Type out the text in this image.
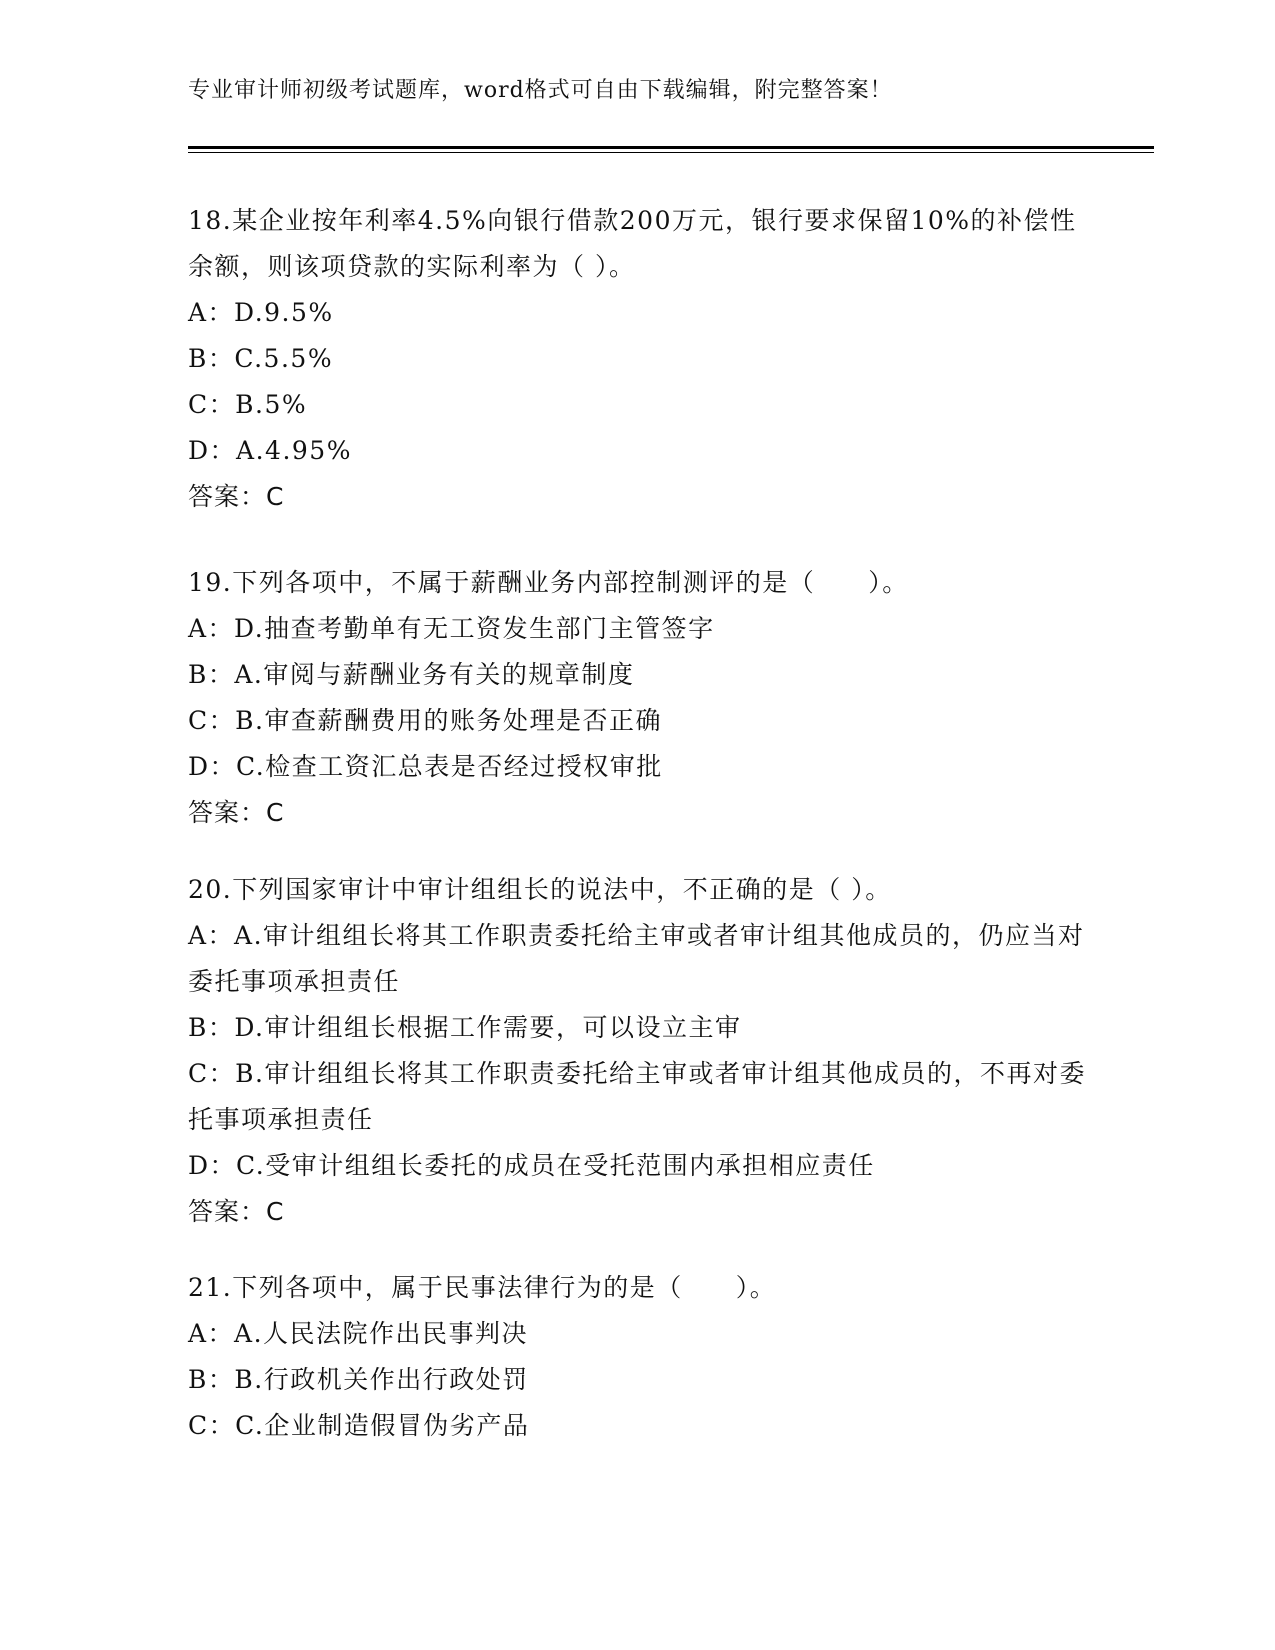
专业审计师初级考试题库，word格式可自由下载编辑，附完整答案！
18.某企业按年利率4.5%向银行借款200万元，银行要求保留10%的补偿性余额，则该项贷款的实际利率为（ ）。
A：D.9.5%
B：C.5.5%
C：B.5%
D：A.4.95%
答案：C
19.下列各项中，不属于薪酬业务内部控制测评的是（　　）。
A：D.抽查考勤单有无工资发生部门主管签字
B：A.审阅与薪酬业务有关的规章制度
C：B.审查薪酬费用的账务处理是否正确
D：C.检查工资汇总表是否经过授权审批
答案：C
20.下列国家审计中审计组组长的说法中，不正确的是（ ）。
A：A.审计组组长将其工作职责委托给主审或者审计组其他成员的，仍应当对委托事项承担责任
B：D.审计组组长根据工作需要，可以设立主审
C：B.审计组组长将其工作职责委托给主审或者审计组其他成员的，不再对委托事项承担责任
D：C.受审计组组长委托的成员在受托范围内承担相应责任
答案：C
21.下列各项中，属于民事法律行为的是（　　）。
A：A.人民法院作出民事判决
B：B.行政机关作出行政处罚
C：C.企业制造假冒伪劣产品
